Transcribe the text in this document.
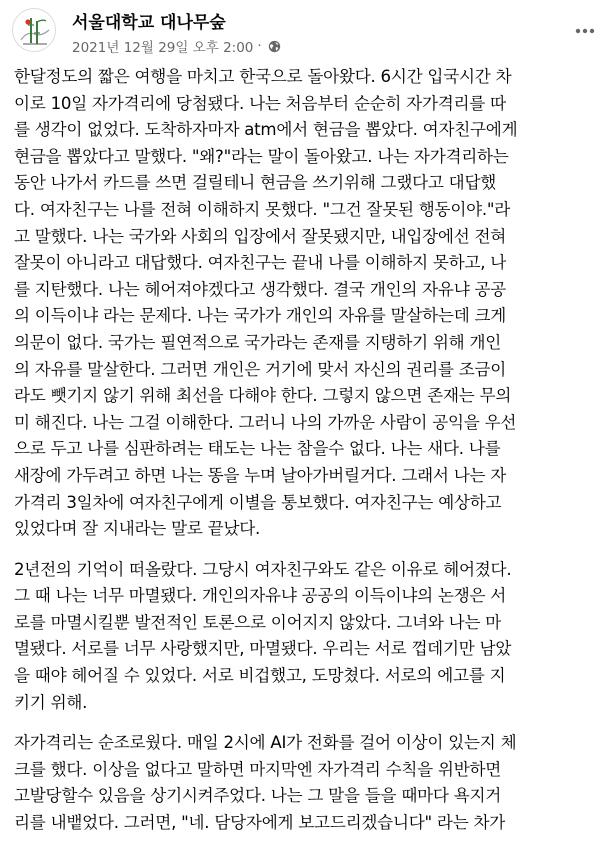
서울대학교 대나무숲
2021년 12월 29일 오후 2:00 ·
한달정도의 짧은 여행을 마치고 한국으로 돌아왔다. 6시간 입국시간 차
이로 10일 자가격리에 당첨됐다. 나는 처음부터 순순히 자가격리를 따
를 생각이 없었다. 도착하자마자 atm에서 현금을 뽑았다. 여자친구에게
현금을 뽑았다고 말했다. "왜?"라는 말이 돌아왔고. 나는 자가격리하는
동안 나가서 카드를 쓰면 걸릴테니 현금을 쓰기위해 그랬다고 대답했
다. 여자친구는 나를 전혀 이해하지 못했다. "그건 잘못된 행동이야."라
고 말했다. 나는 국가와 사회의 입장에서 잘못됐지만, 내입장에선 전혀
잘못이 아니라고 대답했다. 여자친구는 끝내 나를 이해하지 못하고, 나
를 지탄했다. 나는 헤어져야겠다고 생각했다. 결국 개인의 자유냐 공공
의 이득이냐 라는 문제다. 나는 국가가 개인의 자유를 말살하는데 크게
의문이 없다. 국가는 필연적으로 국가라는 존재를 지탱하기 위해 개인
의 자유를 말살한다. 그러면 개인은 거기에 맞서 자신의 권리를 조금이
라도 뺏기지 않기 위해 최선을 다해야 한다. 그렇지 않으면 존재는 무의
미 해진다. 나는 그걸 이해한다. 그러니 나의 가까운 사람이 공익을 우선
으로 두고 나를 심판하려는 태도는 나는 참을수 없다. 나는 새다. 나를
새장에 가두려고 하면 나는 똥을 누며 날아가버릴거다. 그래서 나는 자
가격리 3일차에 여자친구에게 이별을 통보했다. 여자친구는 예상하고
있었다며 잘 지내라는 말로 끝났다.
2년전의 기억이 떠올랐다. 그당시 여자친구와도 같은 이유로 헤어졌다.
그 때 나는 너무 마멸됐다. 개인의자유냐 공공의 이득이냐의 논쟁은 서
로를 마멸시킬뿐 발전적인 토론으로 이어지지 않았다. 그녀와 나는 마
멸됐다. 서로를 너무 사랑했지만, 마멸됐다. 우리는 서로 껍데기만 남았
을 때야 헤어질 수 있었다. 서로 비겁했고, 도망쳤다. 서로의 에고를 지
키기 위해.
자가격리는 순조로웠다. 매일 2시에 AI가 전화를 걸어 이상이 있는지 체
크를 했다. 이상을 없다고 말하면 마지막엔 자가격리 수칙을 위반하면
고발당할수 있음을 상기시켜주었다. 나는 그 말을 들을 때마다 욕지거
리를 내뱉었다. 그러면, "네. 담당자에게 보고드리겠습니다" 라는 차가
